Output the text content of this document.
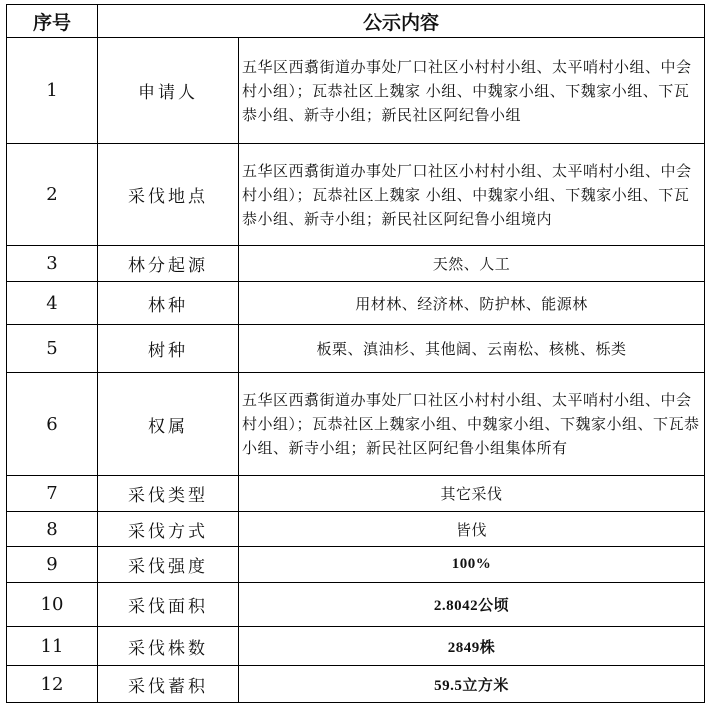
序号	公示内容	
1	申请人	五华区西翥街道办事处厂口社区小村村小组、太平哨村小组、中会村小组）；瓦恭社区上魏家 小组、中魏家小组、下魏家小组、下瓦恭小组、新寺小组；新民社区阿纪鲁小组
2	采伐地点	五华区西翥街道办事处厂口社区小村村小组、太平哨村小组、中会村小组）；瓦恭社区上魏家 小组、中魏家小组、下魏家小组、下瓦恭小组、新寺小组；新民社区阿纪鲁小组境内
3	林分起源	天然、人工
4	林种	用材林、经济林、防护林、能源林
5	树种	板栗、滇油杉、其他阔、云南松、核桃、栎类
6	权属	五华区西翥街道办事处厂口社区小村村小组、太平哨村小组、中会村小组）；瓦恭社区上魏家小组、中魏家小组、下魏家小组、下瓦恭小组、新寺小组；新民社区阿纪鲁小组集体所有
7	采伐类型	其它采伐
8	采伐方式	皆伐
9	采伐强度	100%
10	采伐面积	2.8042公顷
11	采伐株数	2849株
12	采伐蓄积	59.5立方米
